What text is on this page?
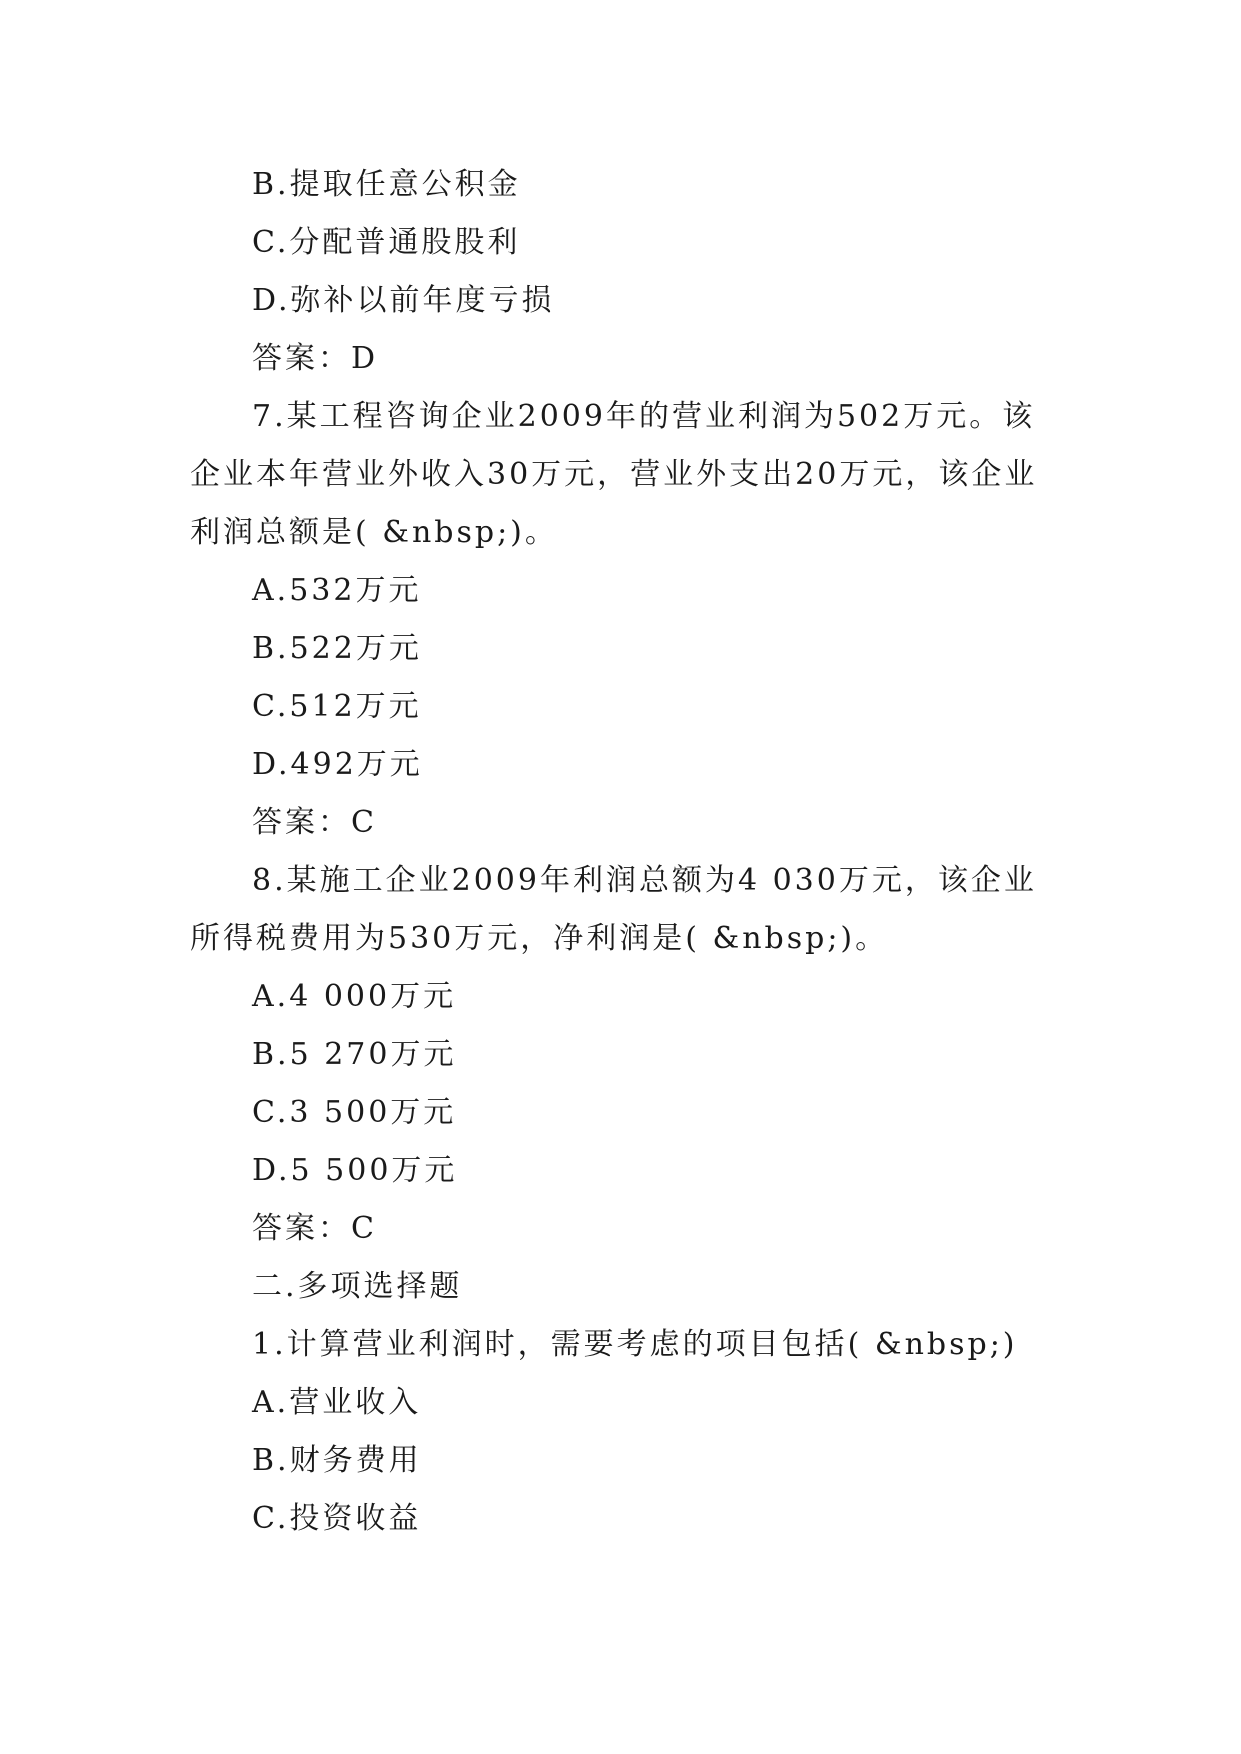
B.提取任意公积金
C.分配普通股股利
D.弥补以前年度亏损
答案：D
7.某工程咨询企业2009年的营业利润为502万元。该
企业本年营业外收入30万元，营业外支出20万元，该企业
利润总额是( &nbsp;)。
A.532万元
B.522万元
C.512万元
D.492万元
答案：C
8.某施工企业2009年利润总额为4 030万元，该企业
所得税费用为530万元，净利润是( &nbsp;)。
A.4 000万元
B.5 270万元
C.3 500万元
D.5 500万元
答案：C
二.多项选择题
1.计算营业利润时，需要考虑的项目包括( &nbsp;)
A.营业收入
B.财务费用
C.投资收益
